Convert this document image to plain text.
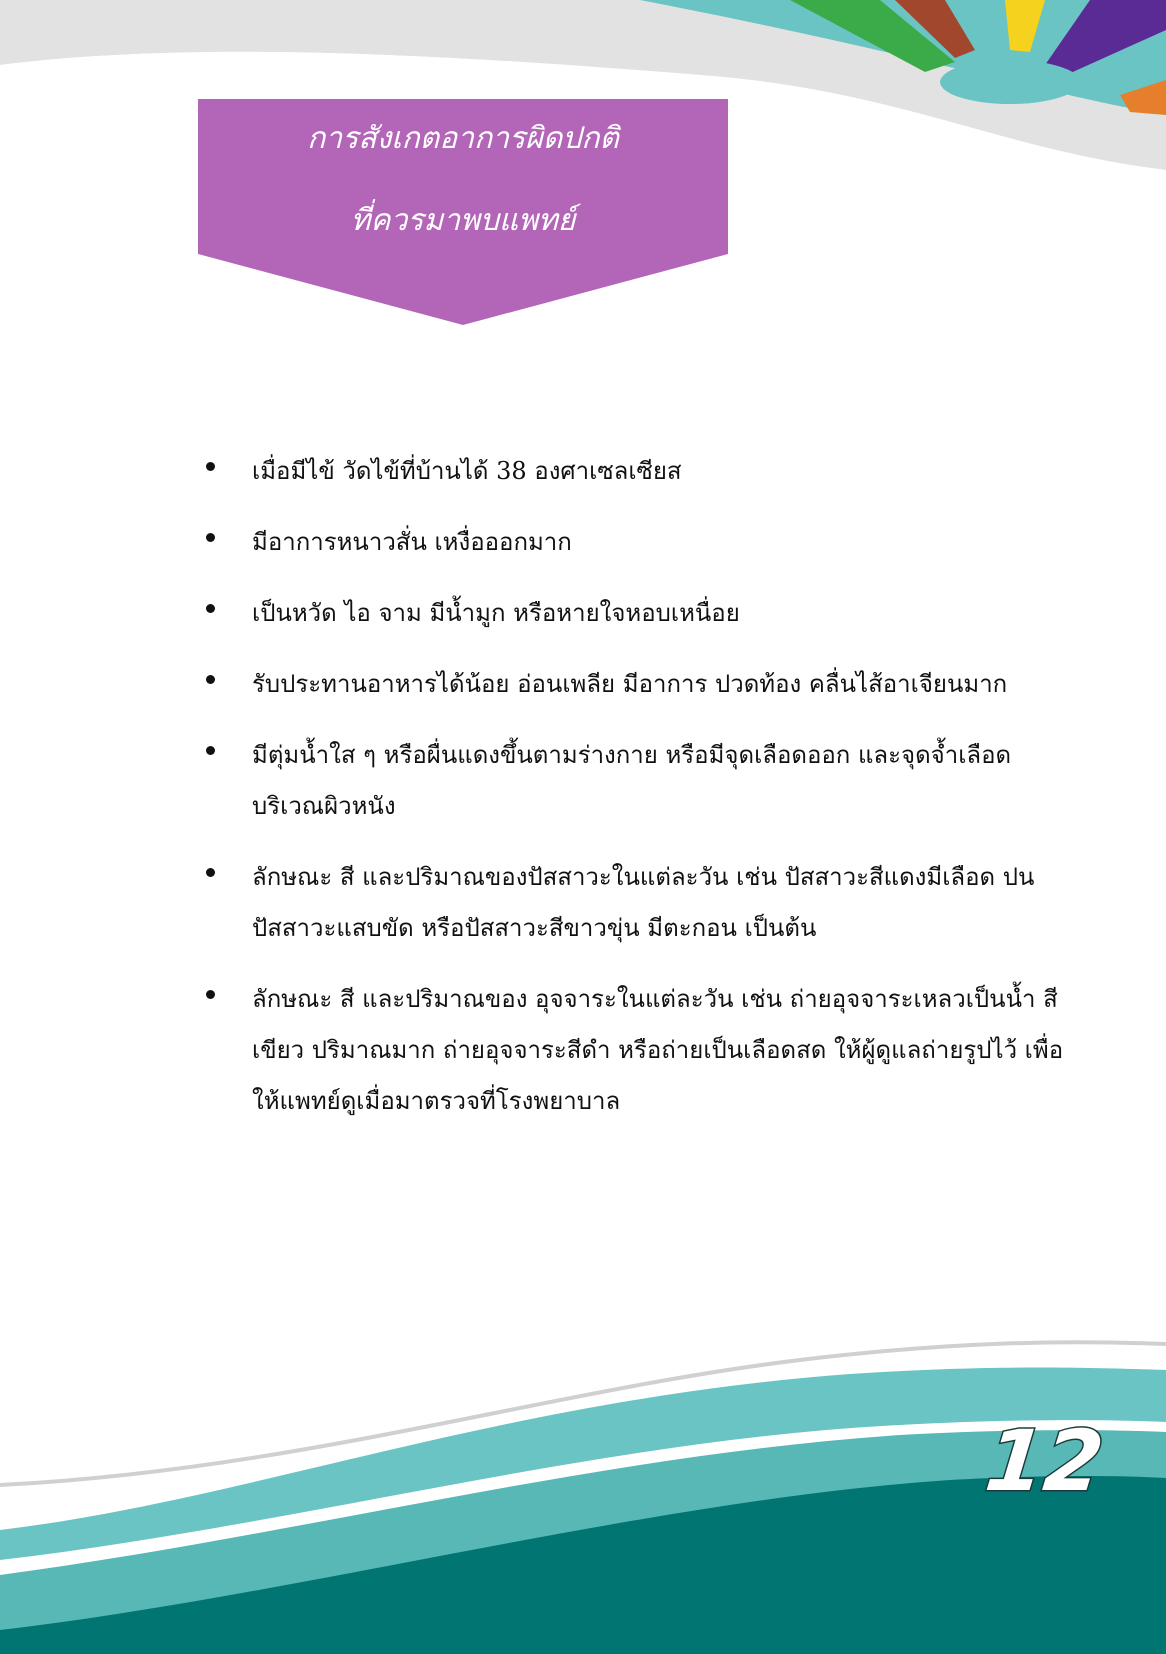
การสังเกตอาการผิดปกติ
ที่ควรมาพบแพทย์
เมื่อมีไข้ วัดไข้ที่บ้านได้ 38 องศาเซลเซียส
มีอาการหนาวสั่น เหงื่อออกมาก
เป็นหวัด ไอ จาม มีน้ำมูก หรือหายใจหอบเหนื่อย
รับประทานอาหารได้น้อย อ่อนเพลีย มีอาการ ปวดท้อง คลื่นไส้อาเจียนมาก
มีตุ่มน้ำใส ๆ หรือผื่นแดงขึ้นตามร่างกาย หรือมีจุดเลือดออก และจุดจ้ำเลือด บริเวณผิวหนัง
ลักษณะ สี และปริมาณของปัสสาวะในแต่ละวัน เช่น ปัสสาวะสีแดงมีเลือด ปน ปัสสาวะแสบขัด หรือปัสสาวะสีขาวขุ่น มีตะกอน เป็นต้น
ลักษณะ สี และปริมาณของ อุจจาระในแต่ละวัน เช่น ถ่ายอุจจาระเหลวเป็นน้ำ สีเขียว ปริมาณมาก ถ่ายอุจจาระสีดำ หรือถ่ายเป็นเลือดสด ให้ผู้ดูแลถ่ายรูปไว้ เพื่อให้แพทย์ดูเมื่อมาตรวจที่โรงพยาบาล
12
